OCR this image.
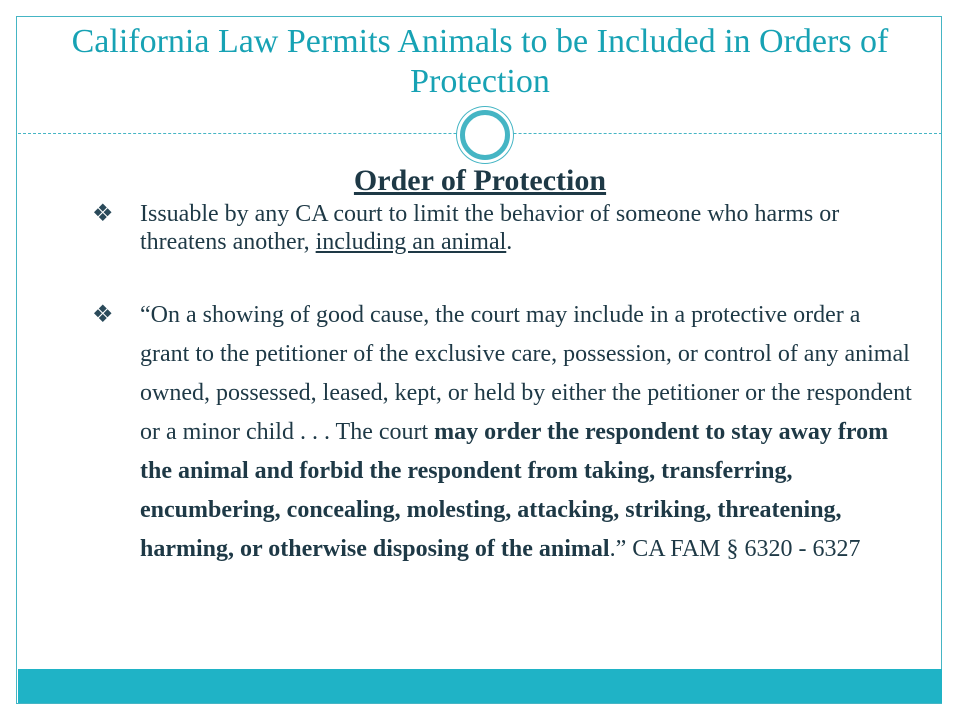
California Law Permits Animals to be Included in Orders of Protection
Order of Protection
❖ Issuable by any CA court to limit the behavior of someone who harms or threatens another, including an animal.
❖ “On a showing of good cause, the court may include in a protective order a grant to the petitioner of the exclusive care, possession, or control of any animal owned, possessed, leased, kept, or held by either the petitioner or the respondent or a minor child . . . The court may order the respondent to stay away from the animal and forbid the respondent from taking, transferring, encumbering, concealing, molesting, attacking, striking, threatening, harming, or otherwise disposing of the animal.” CA FAM § 6320 - 6327
